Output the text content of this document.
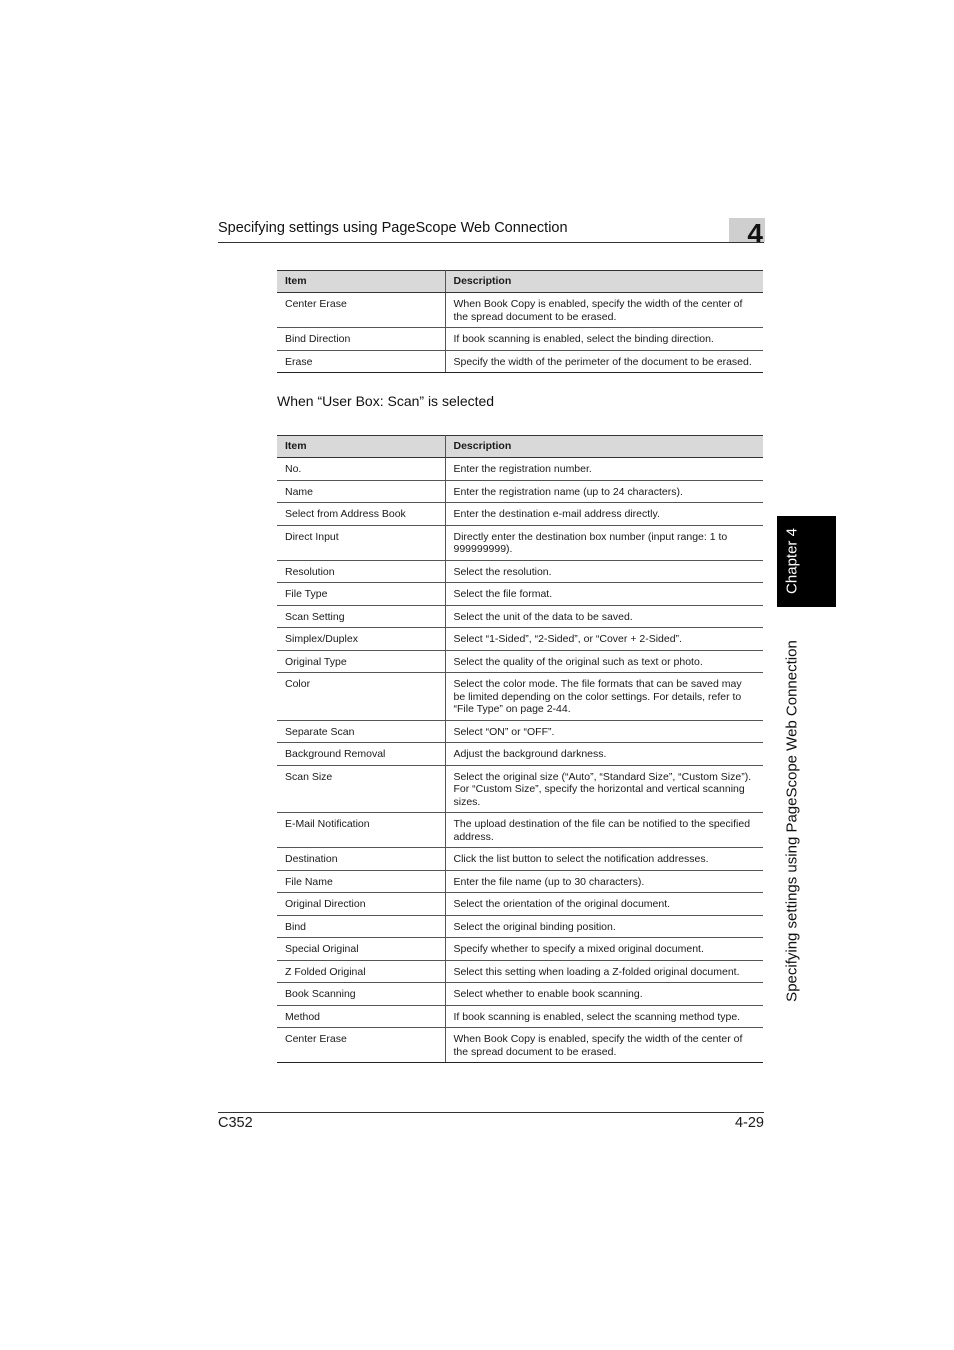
Specifying settings using PageScope Web Connection	4
Item	Description
Center Erase	When Book Copy is enabled, specify the width of the center of the spread document to be erased.
Bind Direction	If book scanning is enabled, select the binding direction.
Erase	Specify the width of the perimeter of the document to be erased.
When “User Box: Scan” is selected
Item	Description
No.	Enter the registration number.
Name	Enter the registration name (up to 24 characters).
Select from Address Book	Enter the destination e-mail address directly.
Direct Input	Directly enter the destination box number (input range: 1 to 999999999).
Resolution	Select the resolution.
File Type	Select the file format.
Scan Setting	Select the unit of the data to be saved.
Simplex/Duplex	Select “1-Sided”, “2-Sided”, or “Cover + 2-Sided”.
Original Type	Select the quality of the original such as text or photo.
Color	Select the color mode. The file formats that can be saved may be limited depending on the color settings. For details, refer to “File Type” on page 2-44.
Separate Scan	Select “ON” or “OFF”.
Background Removal	Adjust the background darkness.
Scan Size	Select the original size (“Auto”, “Standard Size”, “Custom Size”).
For “Custom Size”, specify the horizontal and vertical scanning sizes.
E-Mail Notification	The upload destination of the file can be notified to the specified address.
Destination	Click the list button to select the notification addresses.
File Name	Enter the file name (up to 30 characters).
Original Direction	Select the orientation of the original document.
Bind	Select the original binding position.
Special Original	Specify whether to specify a mixed original document.
Z Folded Original	Select this setting when loading a Z-folded original document.
Book Scanning	Select whether to enable book scanning.
Method	If book scanning is enabled, select the scanning method type.
Center Erase	When Book Copy is enabled, specify the width of the center of the spread document to be erased.
Chapter 4
Specifying settings using PageScope Web Connection
C352	4-29
